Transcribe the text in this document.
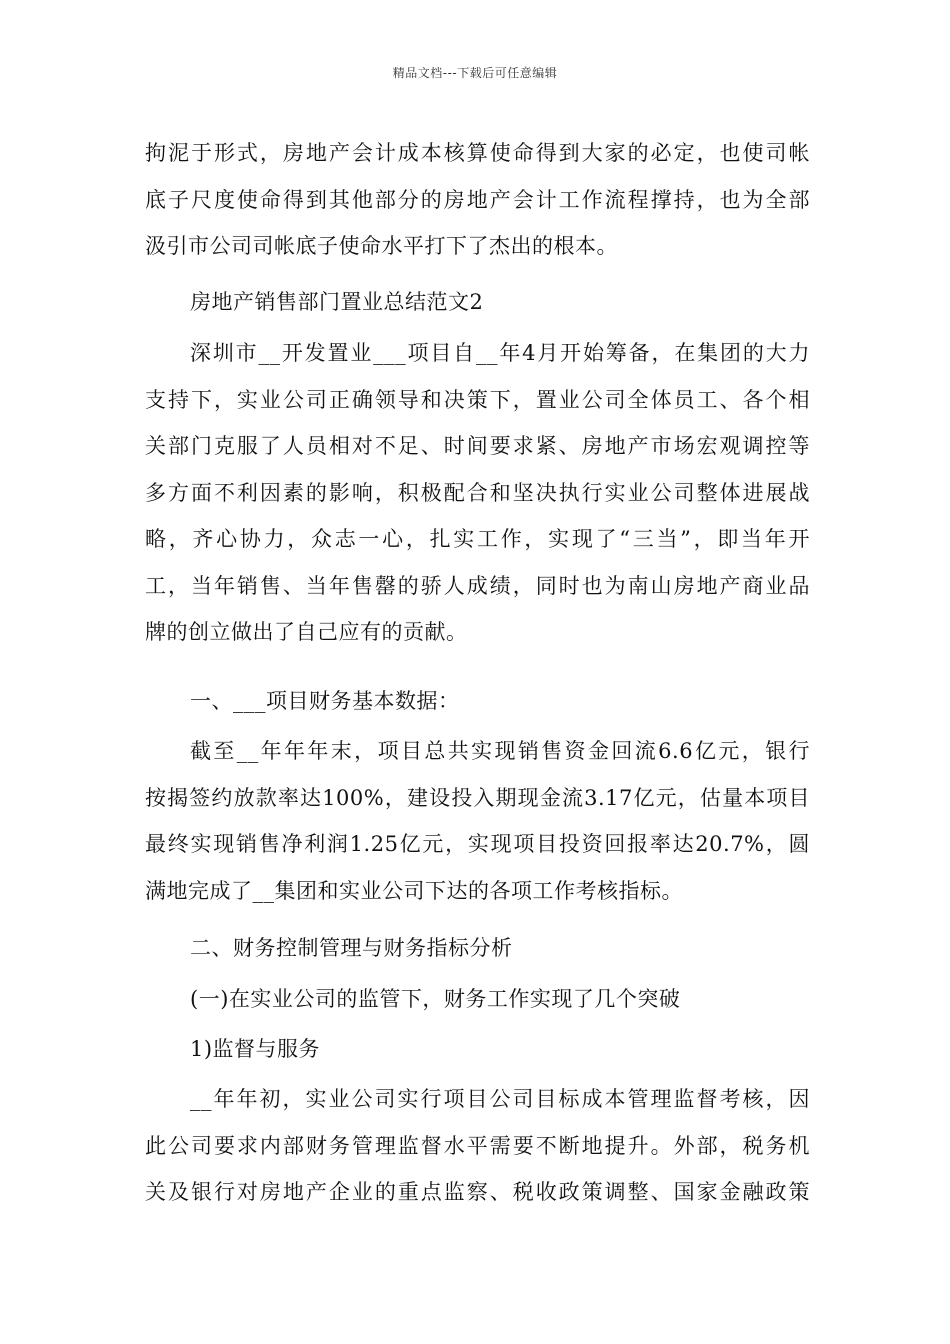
精品文档---下载后可任意编辑
拘泥于形式，房地产会计成本核算使命得到大家的必定，也使司帐
底子尺度使命得到其他部分的房地产会计工作流程撑持，也为全部
汲引市公司司帐底子使命水平打下了杰出的根本。
房地产销售部门置业总结范文2
深圳市__开发置业___项目自__年4月开始筹备，在集团的大力
支持下，实业公司正确领导和决策下，置业公司全体员工、各个相
关部门克服了人员相对不足、时间要求紧、房地产市场宏观调控等
多方面不利因素的影响，积极配合和坚决执行实业公司整体进展战
略，齐心协力，众志一心，扎实工作，实现了“三当”，即当年开
工，当年销售、当年售罄的骄人成绩，同时也为南山房地产商业品
牌的创立做出了自己应有的贡献。
一、___项目财务基本数据：
截至__年年年末，项目总共实现销售资金回流6.6亿元，银行
按揭签约放款率达100%，建设投入期现金流3.17亿元，估量本项目
最终实现销售净利润1.25亿元，实现项目投资回报率达20.7%，圆
满地完成了__集团和实业公司下达的各项工作考核指标。
二、财务控制管理与财务指标分析
(一)在实业公司的监管下，财务工作实现了几个突破
1)监督与服务
__年年初，实业公司实行项目公司目标成本管理监督考核，因
此公司要求内部财务管理监督水平需要不断地提升。外部，税务机
关及银行对房地产企业的重点监察、税收政策调整、国家金融政策
